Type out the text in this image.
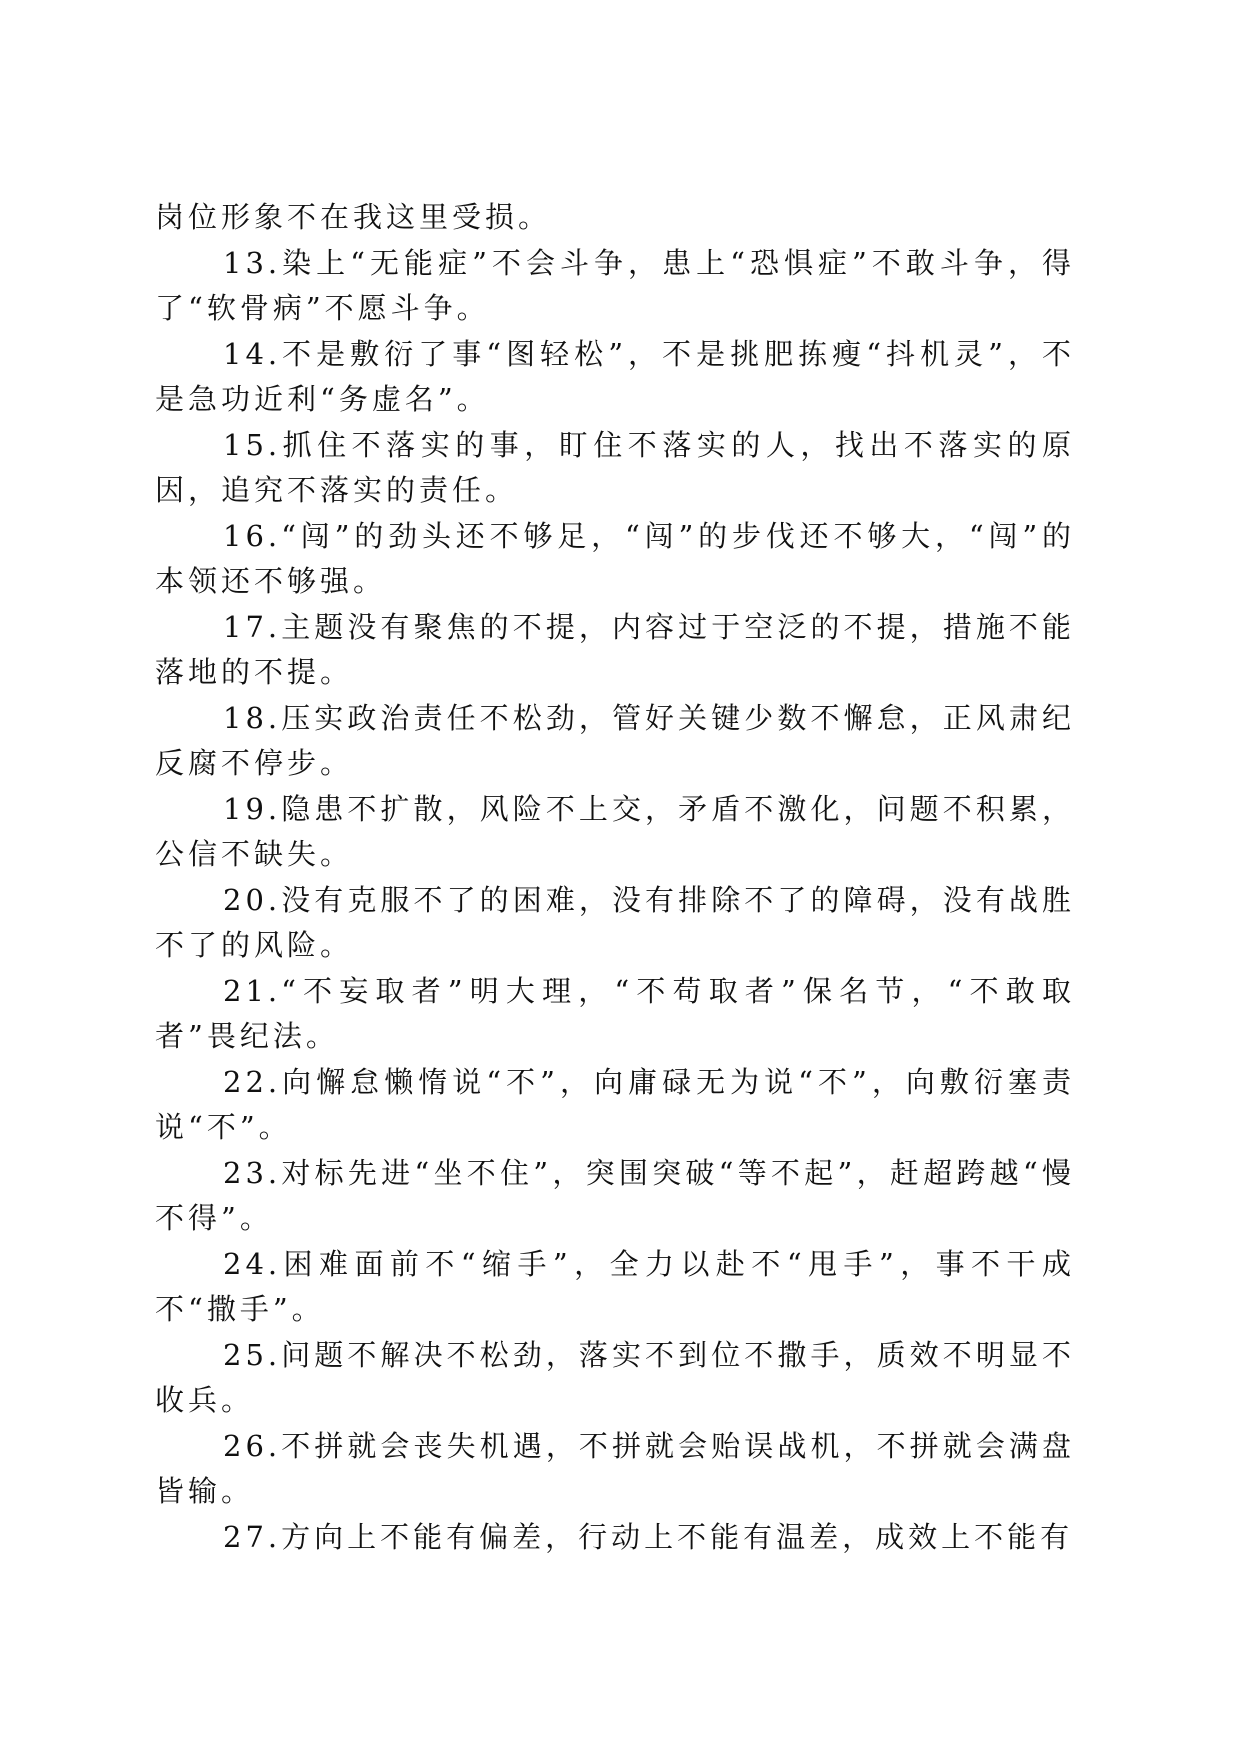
岗位形象不在我这里受损。

13.染上“无能症”不会斗争，患上“恐惧症”不敢斗争，得了“软骨病”不愿斗争。

14.不是敷衍了事“图轻松”，不是挑肥拣瘦“抖机灵”，不是急功近利“务虚名”。

15.抓住不落实的事，盯住不落实的人，找出不落实的原因，追究不落实的责任。

16.“闯”的劲头还不够足，“闯”的步伐还不够大，“闯”的本领还不够强。

17.主题没有聚焦的不提，内容过于空泛的不提，措施不能落地的不提。

18.压实政治责任不松劲，管好关键少数不懈怠，正风肃纪反腐不停步。

19.隐患不扩散，风险不上交，矛盾不激化，问题不积累，公信不缺失。

20.没有克服不了的困难，没有排除不了的障碍，没有战胜不了的风险。

21.“不妄取者”明大理，“不苟取者”保名节，“不敢取者”畏纪法。

22.向懈怠懒惰说“不”，向庸碌无为说“不”，向敷衍塞责说“不”。

23.对标先进“坐不住”，突围突破“等不起”，赶超跨越“慢不得”。

24.困难面前不“缩手”，全力以赴不“甩手”，事不干成不“撒手”。

25.问题不解决不松劲，落实不到位不撒手，质效不明显不收兵。

26.不拼就会丧失机遇，不拼就会贻误战机，不拼就会满盘皆输。

27.方向上不能有偏差，行动上不能有温差，成效上不能有
